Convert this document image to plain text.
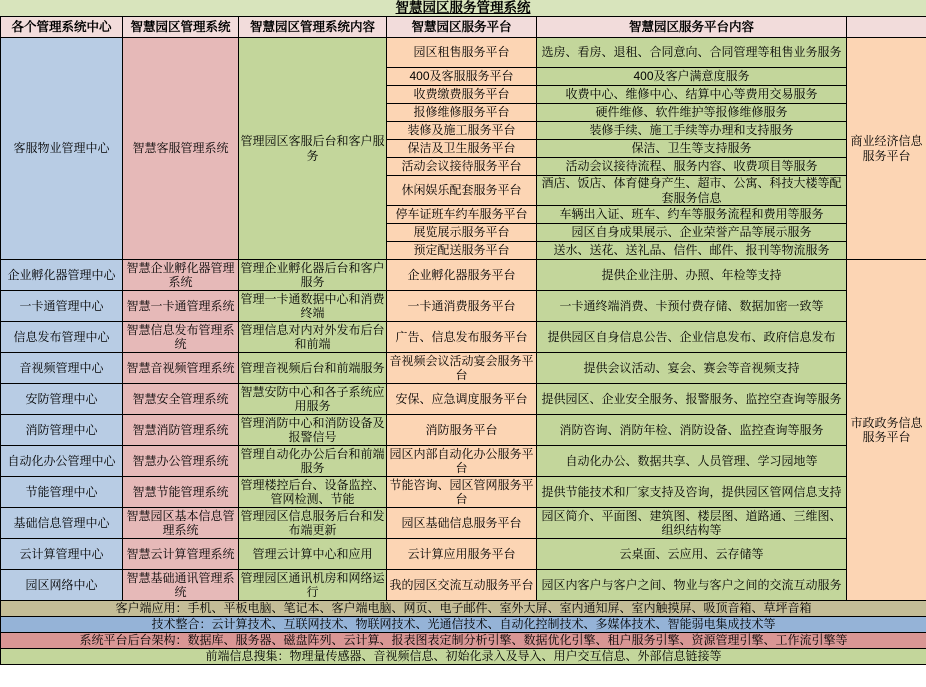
智慧园区服务管理系统
各个管理系统中心	智慧园区管理系统	智慧园区管理系统内容	智慧园区服务平台	智慧园区服务平台内容	
客服物业管理中心	智慧客服管理系统	管理园区客服后台和客户服务	园区租售服务平台	选房、看房、退租、合同意向、合同管理等租售业务服务	商业经济信息服务平台
			400及客服服务平台	400及客户满意度服务	
			收费缴费服务平台	收费中心、维修中心、结算中心等费用交易服务	
			报修维修服务平台	硬件维修、软件维护等报修维修服务	
			装修及施工服务平台	装修手续、施工手续等办理和支持服务	
			保洁及卫生服务平台	保洁、卫生等支持服务	
			活动会议接待服务平台	活动会议接待流程、服务内容、收费项目等服务	
			休闲娱乐配套服务平台	酒店、饭店、体育健身产生、超市、公寓、科技大楼等配套服务信息	
			停车证班车约车服务平台	车辆出入证、班车、约车等服务流程和费用等服务	
			展览展示服务平台	园区自身成果展示、企业荣誉产品等展示服务	
			预定配送服务平台	送水、送花、送礼品、信件、邮件、报刊等物流服务	
企业孵化器管理中心	智慧企业孵化器管理系统	管理企业孵化器后台和客户服务	企业孵化器服务平台	提供企业注册、办照、年检等支持	市政政务信息服务平台
一卡通管理中心	智慧一卡通管理系统	管理一卡通数据中心和消费终端	一卡通消费服务平台	一卡通终端消费、卡预付费存储、数据加密一致等	
信息发布管理中心	智慧信息发布管理系统	管理信息对内对外发布后台和前端	广告、信息发布服务平台	提供园区自身信息公告、企业信息发布、政府信息发布	
音视频管理中心	智慧音视频管理系统	管理音视频后台和前端服务	音视频会议活动宴会服务平台	提供会议活动、宴会、赛会等音视频支持	
安防管理中心	智慧安全管理系统	智慧安防中心和各子系统应用服务	安保、应急调度服务平台	提供园区、企业安全服务、报警服务、监控空查询等服务	
消防管理中心	智慧消防管理系统	管理消防中心和消防设备及报警信号	消防服务平台	消防咨询、消防年检、消防设备、监控查询等服务	
自动化办公管理中心	智慧办公管理系统	管理自动化办公后台和前端服务	园区内部自动化办公服务平台	自动化办公、数据共享、人员管理、学习园地等	
节能管理中心	智慧节能管理系统	管理楼控后台、设备监控、管网检测、节能	节能咨询、园区管网服务平台	提供节能技术和厂家支持及咨询，提供园区管网信息支持	
基础信息管理中心	智慧园区基本信息管理系统	管理园区信息服务后台和发布端更新	园区基础信息服务平台	园区简介、平面图、建筑图、楼层图、道路通、三维图、组织结构等	
云计算管理中心	智慧云计算管理系统	管理云计算中心和应用	云计算应用服务平台	云桌面、云应用、云存储等	
园区网络中心	智慧基础通讯管理系统	管理园区通讯机房和网络运行	我的园区交流互动服务平台	园区内客户与客户之间、物业与客户之间的交流互动服务	
客户端应用：手机、平板电脑、笔记本、客户端电脑、网页、电子邮件、室外大屏、室内通知屏、室内触摸屏、吸顶音箱、草坪音箱					
技术整合：云计算技术、互联网技术、物联网技术、光通信技术、自动化控制技术、多媒体技术、智能弱电集成技术等					
系统平台后台架构：数据库、服务器、磁盘阵列、云计算、报表图表定制分析引擎、数据优化引擎、租户服务引擎、资源管理引擎、工作流引擎等					
前端信息搜集：物理量传感器、音视频信息、初始化录入及导入、用户交互信息、外部信息链接等					
